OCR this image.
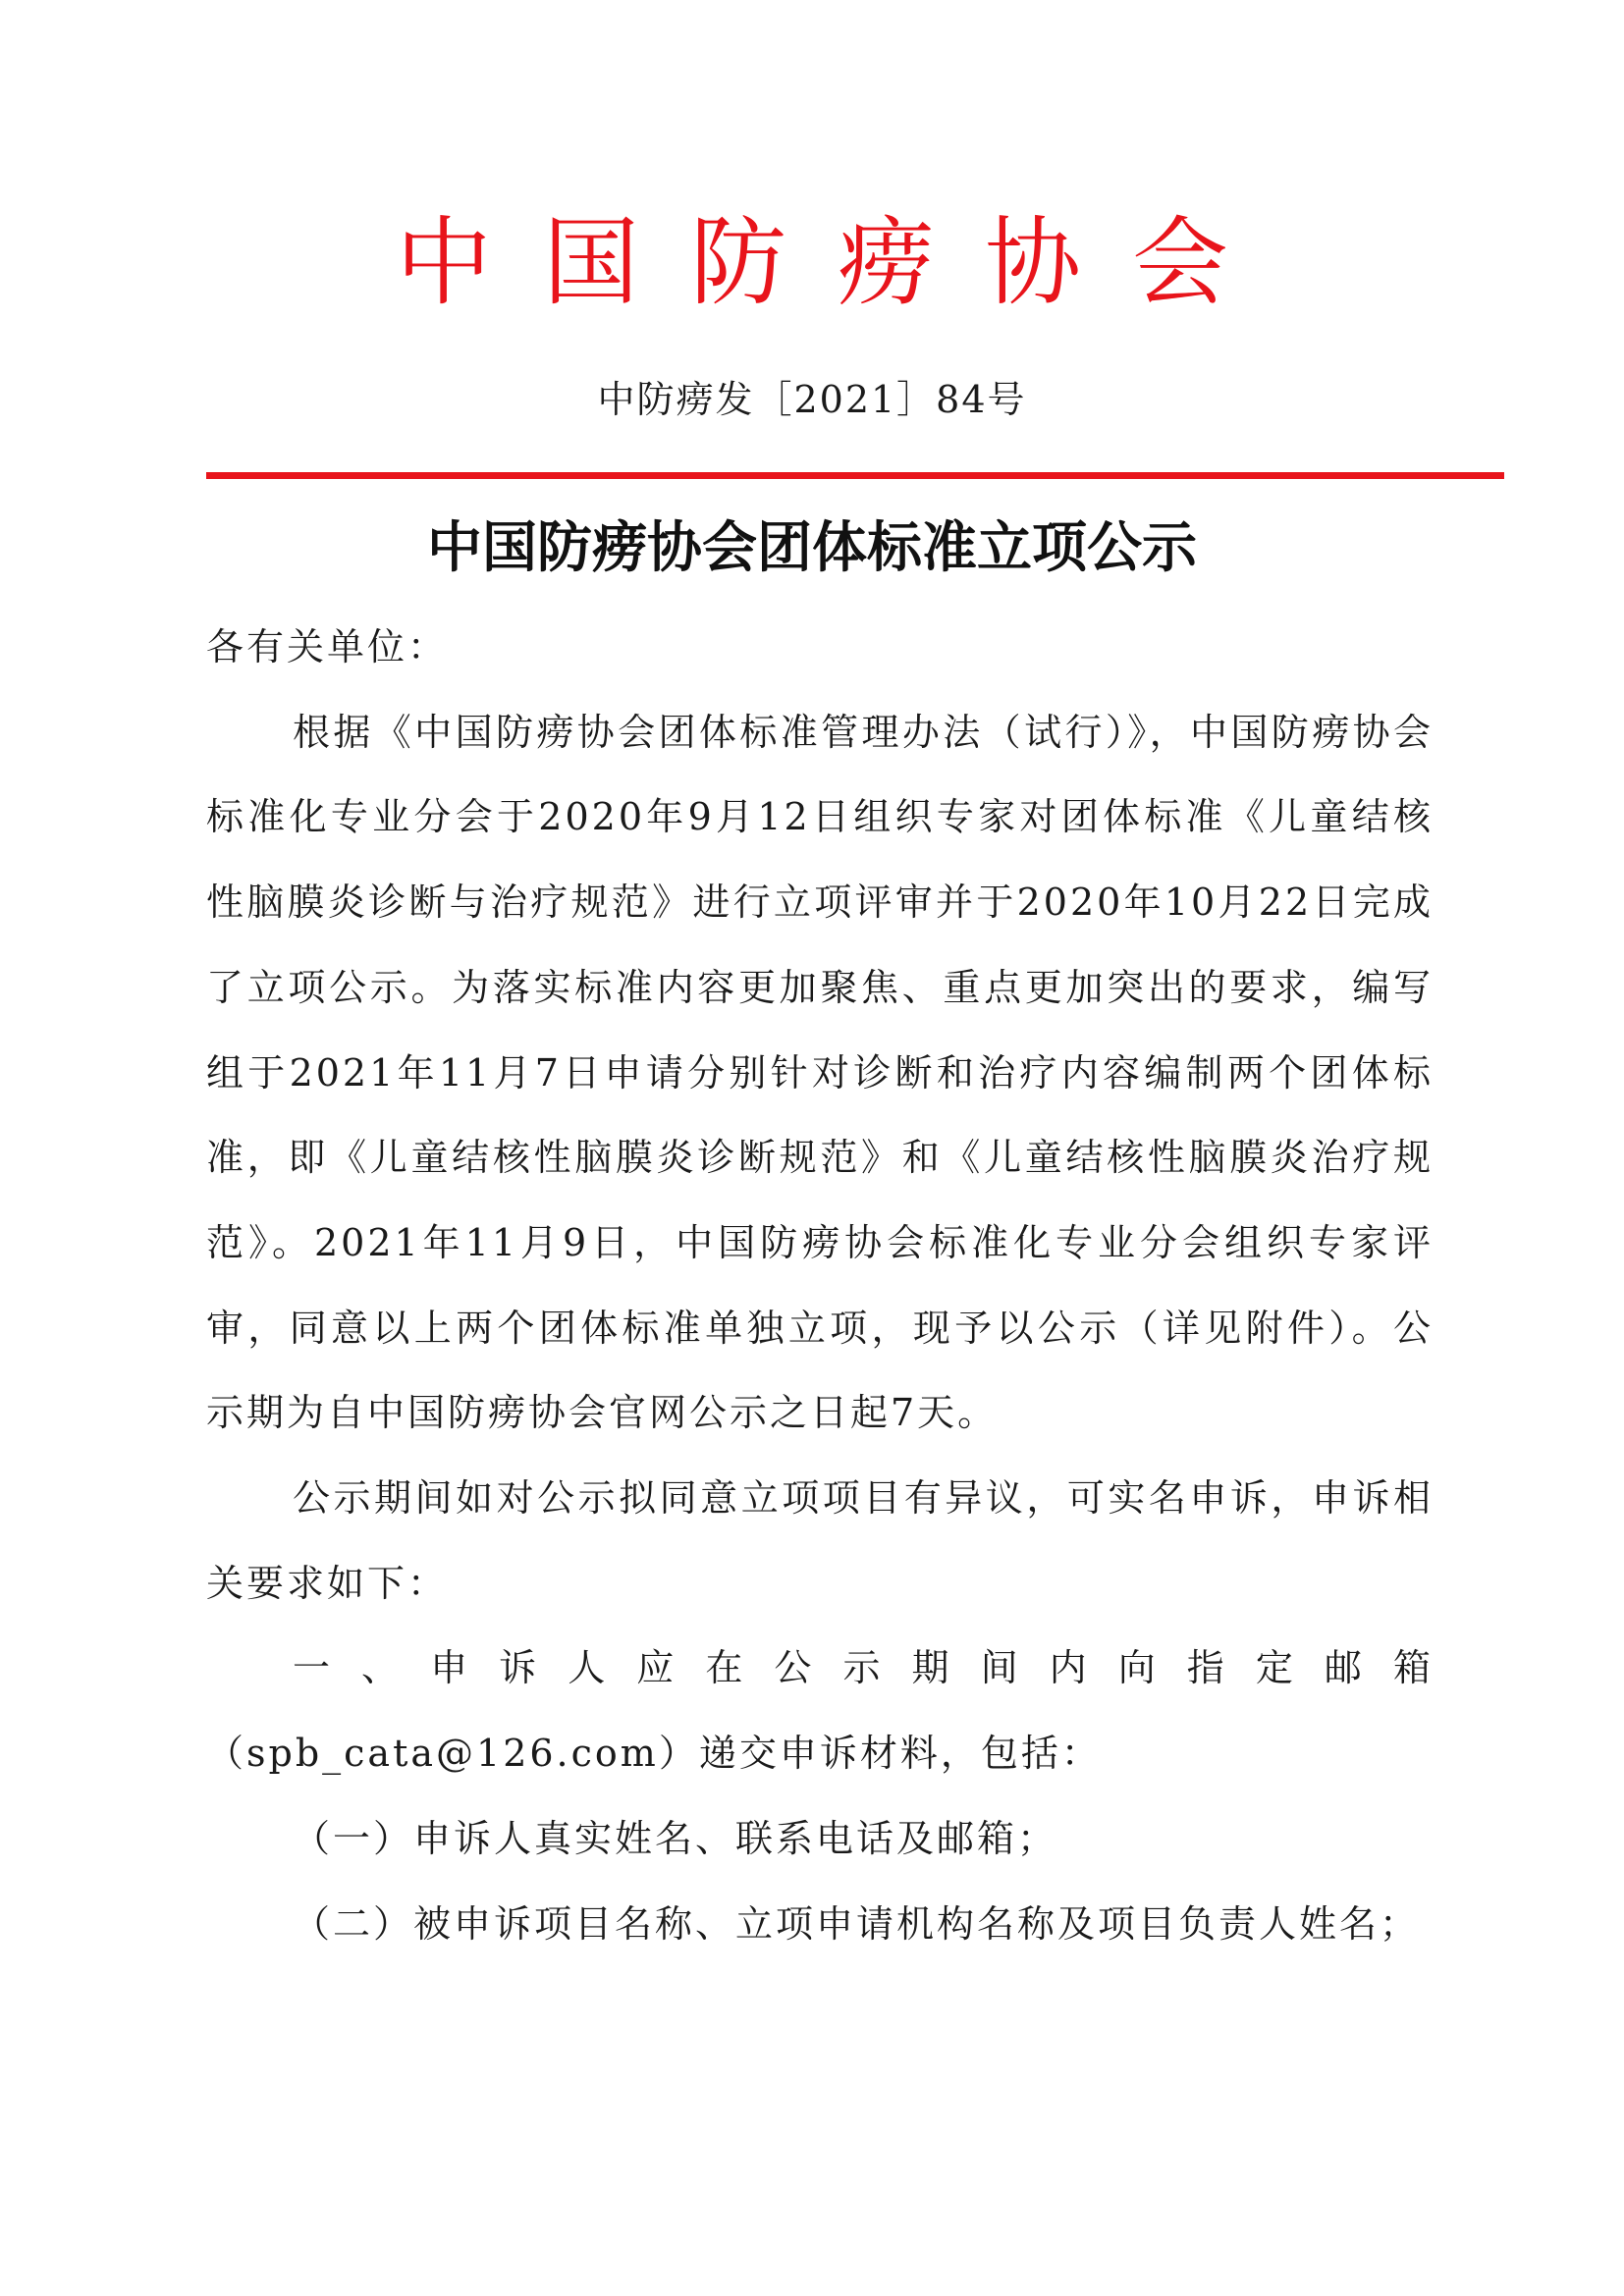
中国防痨协会
中防痨发［2021］84号
中国防痨协会团体标准立项公示

各有关单位：

根据《中国防痨协会团体标准管理办法（试行）》，中国防痨协会标准化专业分会于2020年9月12日组织专家对团体标准《儿童结核性脑膜炎诊断与治疗规范》进行立项评审并于2020年10月22日完成了立项公示。为落实标准内容更加聚焦、重点更加突出的要求，编写组于2021年11月7日申请分别针对诊断和治疗内容编制两个团体标准，即《儿童结核性脑膜炎诊断规范》和《儿童结核性脑膜炎治疗规范》。2021年11月9日，中国防痨协会标准化专业分会组织专家评审，同意以上两个团体标准单独立项，现予以公示（详见附件）。公示期为自中国防痨协会官网公示之日起7天。

公示期间如对公示拟同意立项项目有异议，可实名申诉，申诉相关要求如下：

一、申诉人应在公示期间内向指定邮箱（spb_cata@126.com）递交申诉材料，包括：

（一）申诉人真实姓名、联系电话及邮箱；

（二）被申诉项目名称、立项申请机构名称及项目负责人姓名；
